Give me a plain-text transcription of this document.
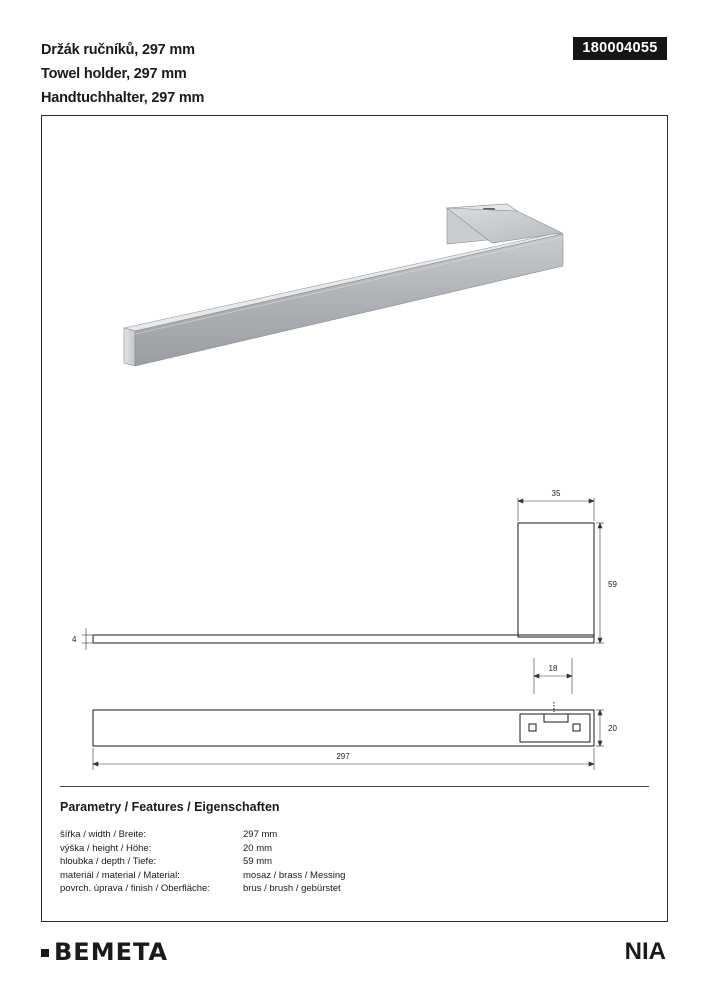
Držák ručníků, 297 mm
Towel holder, 297 mm
Handtuchhalter, 297 mm
180004055
35
59
4
18
20
297
Parametry / Features / Eigenschaften
šířka / width / Breite:	297 mm
výška / height / Höhe:	20 mm
hloubka / depth / Tiefe:	59 mm
materiál / material / Material:	mosaz / brass / Messing
povrch. úprava / finish / Oberfläche:	brus / brush / gebürstet
BEMETA	NIA
